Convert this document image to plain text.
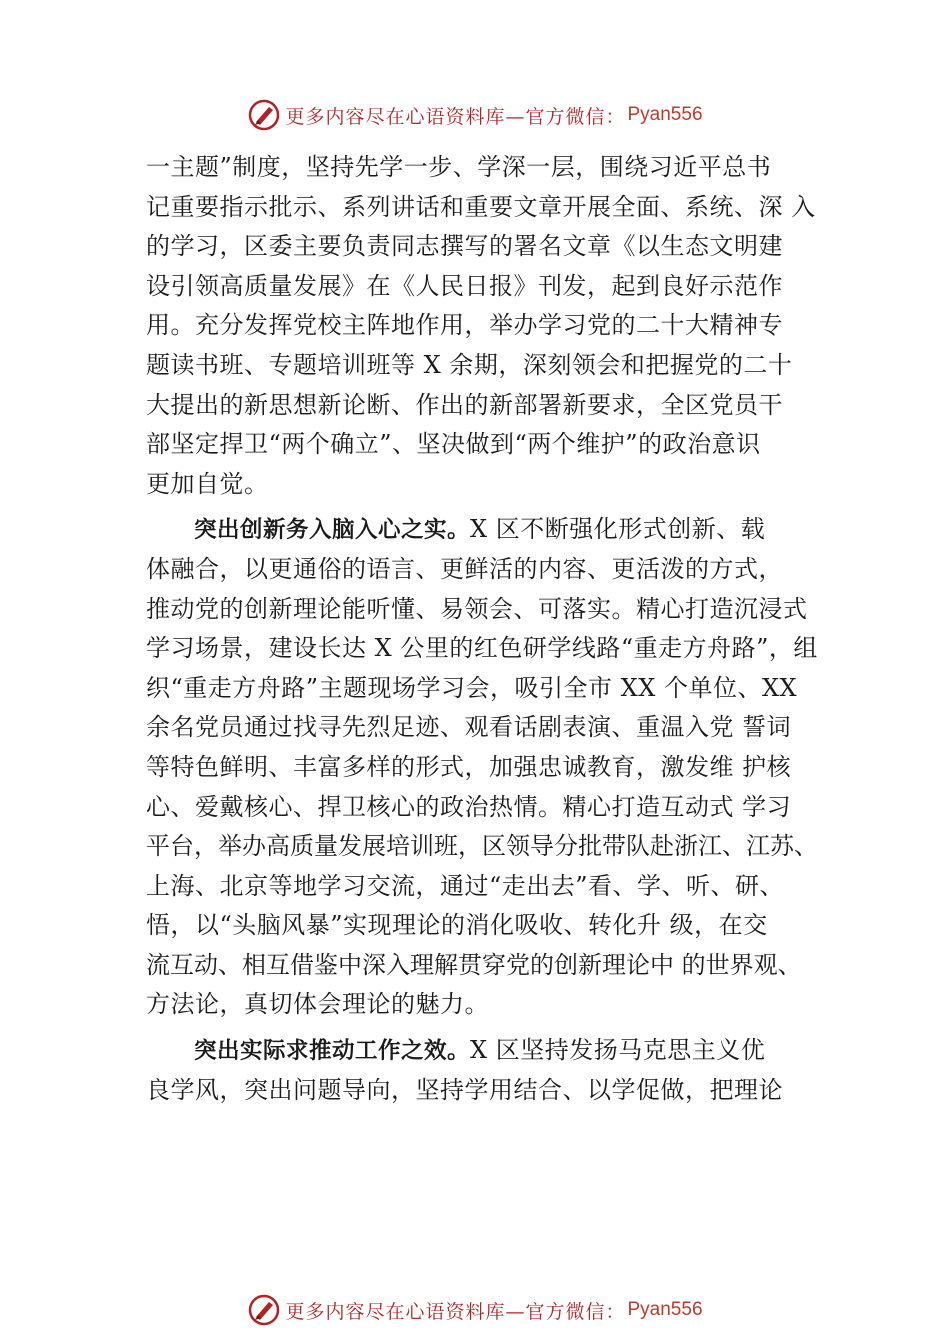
更多内容尽在心语资料库—官方微信： Pyan556
一主题”制度，坚持先学一步、学深一层，围绕习近平总书
记重要指示批示、系列讲话和重要文章开展全面、系统、深 入
的学习，区委主要负责同志撰写的署名文章《以生态文明建
设引领高质量发展》在《人民日报》刊发，起到良好示范作
用。充分发挥党校主阵地作用，举办学习党的二十大精神专
题读书班、专题培训班等 X 余期，深刻领会和把握党的二十
大提出的新思想新论断、作出的新部署新要求，全区党员干
部坚定捍卫“两个确立”、坚决做到“两个维护”的政治意识
更加自觉。
突出创新务入脑入心之实。X 区不断强化形式创新、载
体融合，以更通俗的语言、更鲜活的内容、更活泼的方式，
推动党的创新理论能听懂、易领会、可落实。精心打造沉浸式
学习场景，建设长达 X 公里的红色研学线路“重走方舟路”，组
织“重走方舟路”主题现场学习会，吸引全市 XX 个单位、XX
余名党员通过找寻先烈足迹、观看话剧表演、重温入党 誓词
等特色鲜明、丰富多样的形式，加强忠诚教育，激发维 护核
心、爱戴核心、捍卫核心的政治热情。精心打造互动式 学习
平台，举办高质量发展培训班，区领导分批带队赴浙江、江苏、
上海、北京等地学习交流，通过“走出去”看、学、听、研、
悟，以“头脑风暴”实现理论的消化吸收、转化升 级，在交
流互动、相互借鉴中深入理解贯穿党的创新理论中 的世界观、
方法论，真切体会理论的魅力。
突出实际求推动工作之效。X 区坚持发扬马克思主义优
良学风，突出问题导向，坚持学用结合、以学促做，把理论
更多内容尽在心语资料库—官方微信： Pyan556
